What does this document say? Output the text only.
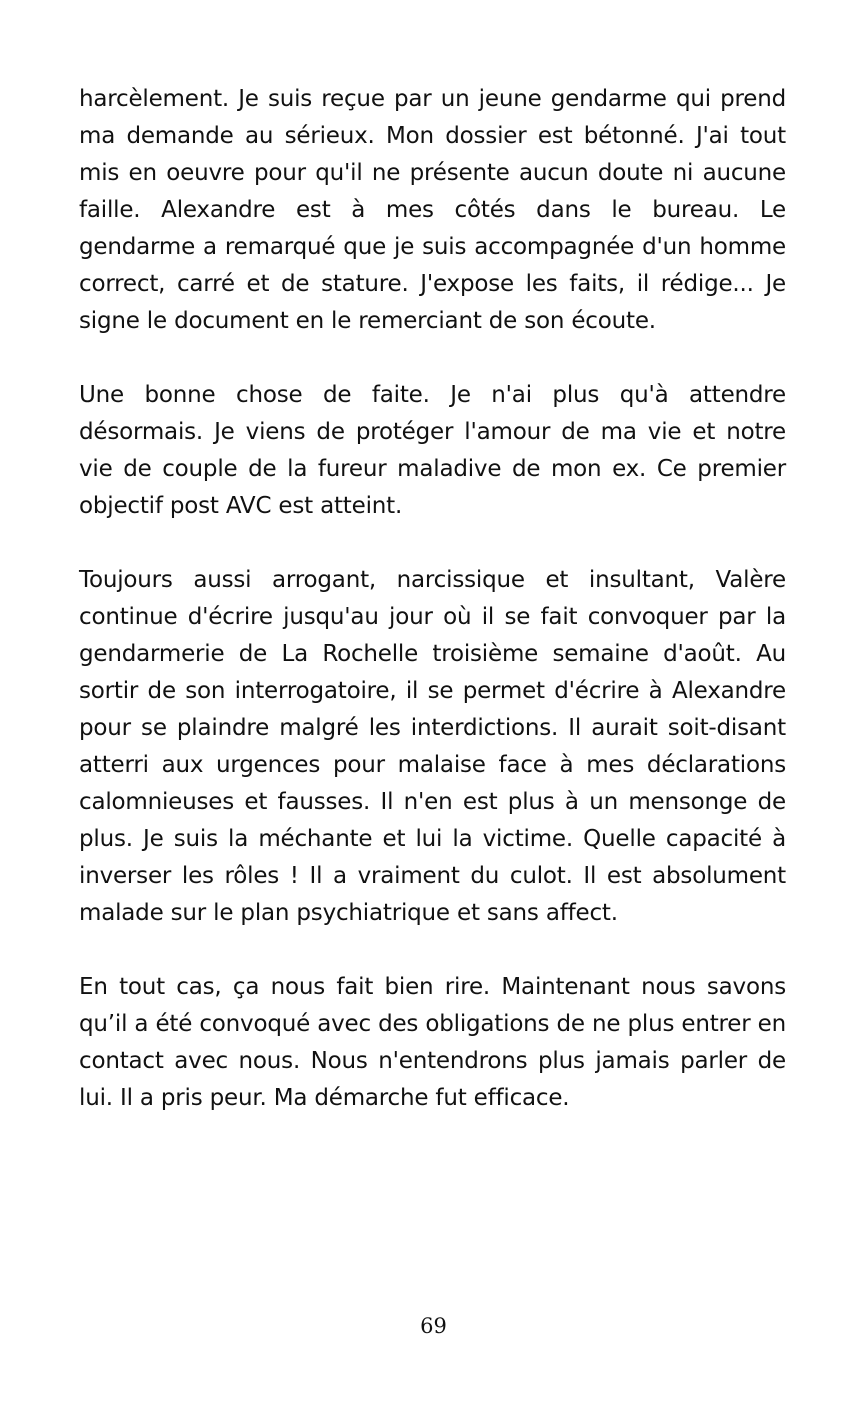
harcèlement. Je suis reçue par un jeune gendarme qui prend ma demande au sérieux. Mon dossier est bétonné. J'ai tout mis en oeuvre pour qu'il ne présente aucun doute ni aucune faille. Alexandre est à mes côtés dans le bureau. Le gendarme a remarqué que je suis accompagnée d'un homme correct, carré et de stature. J'expose les faits, il rédige... Je signe le document en le remerciant de son écoute.

Une bonne chose de faite. Je n'ai plus qu'à attendre désormais. Je viens de protéger l'amour de ma vie et notre vie de couple de la fureur maladive de mon ex. Ce premier objectif post AVC est atteint.

Toujours aussi arrogant, narcissique et insultant, Valère continue d'écrire jusqu'au jour où il se fait convoquer par la gendarmerie de La Rochelle troisième semaine d'août. Au sortir de son interrogatoire, il se permet d'écrire à Alexandre pour se plaindre malgré les interdictions. Il aurait soit-disant atterri aux urgences pour malaise face à mes déclarations calomnieuses et fausses. Il n'en est plus à un mensonge de plus. Je suis la méchante et lui la victime. Quelle capacité à inverser les rôles ! Il a vraiment du culot. Il est absolument malade sur le plan psychiatrique et sans affect.

En tout cas, ça nous fait bien rire. Maintenant nous savons qu’il a été convoqué avec des obligations de ne plus entrer en contact avec nous. Nous n'entendrons plus jamais parler de lui. Il a pris peur. Ma démarche fut efficace.

69
